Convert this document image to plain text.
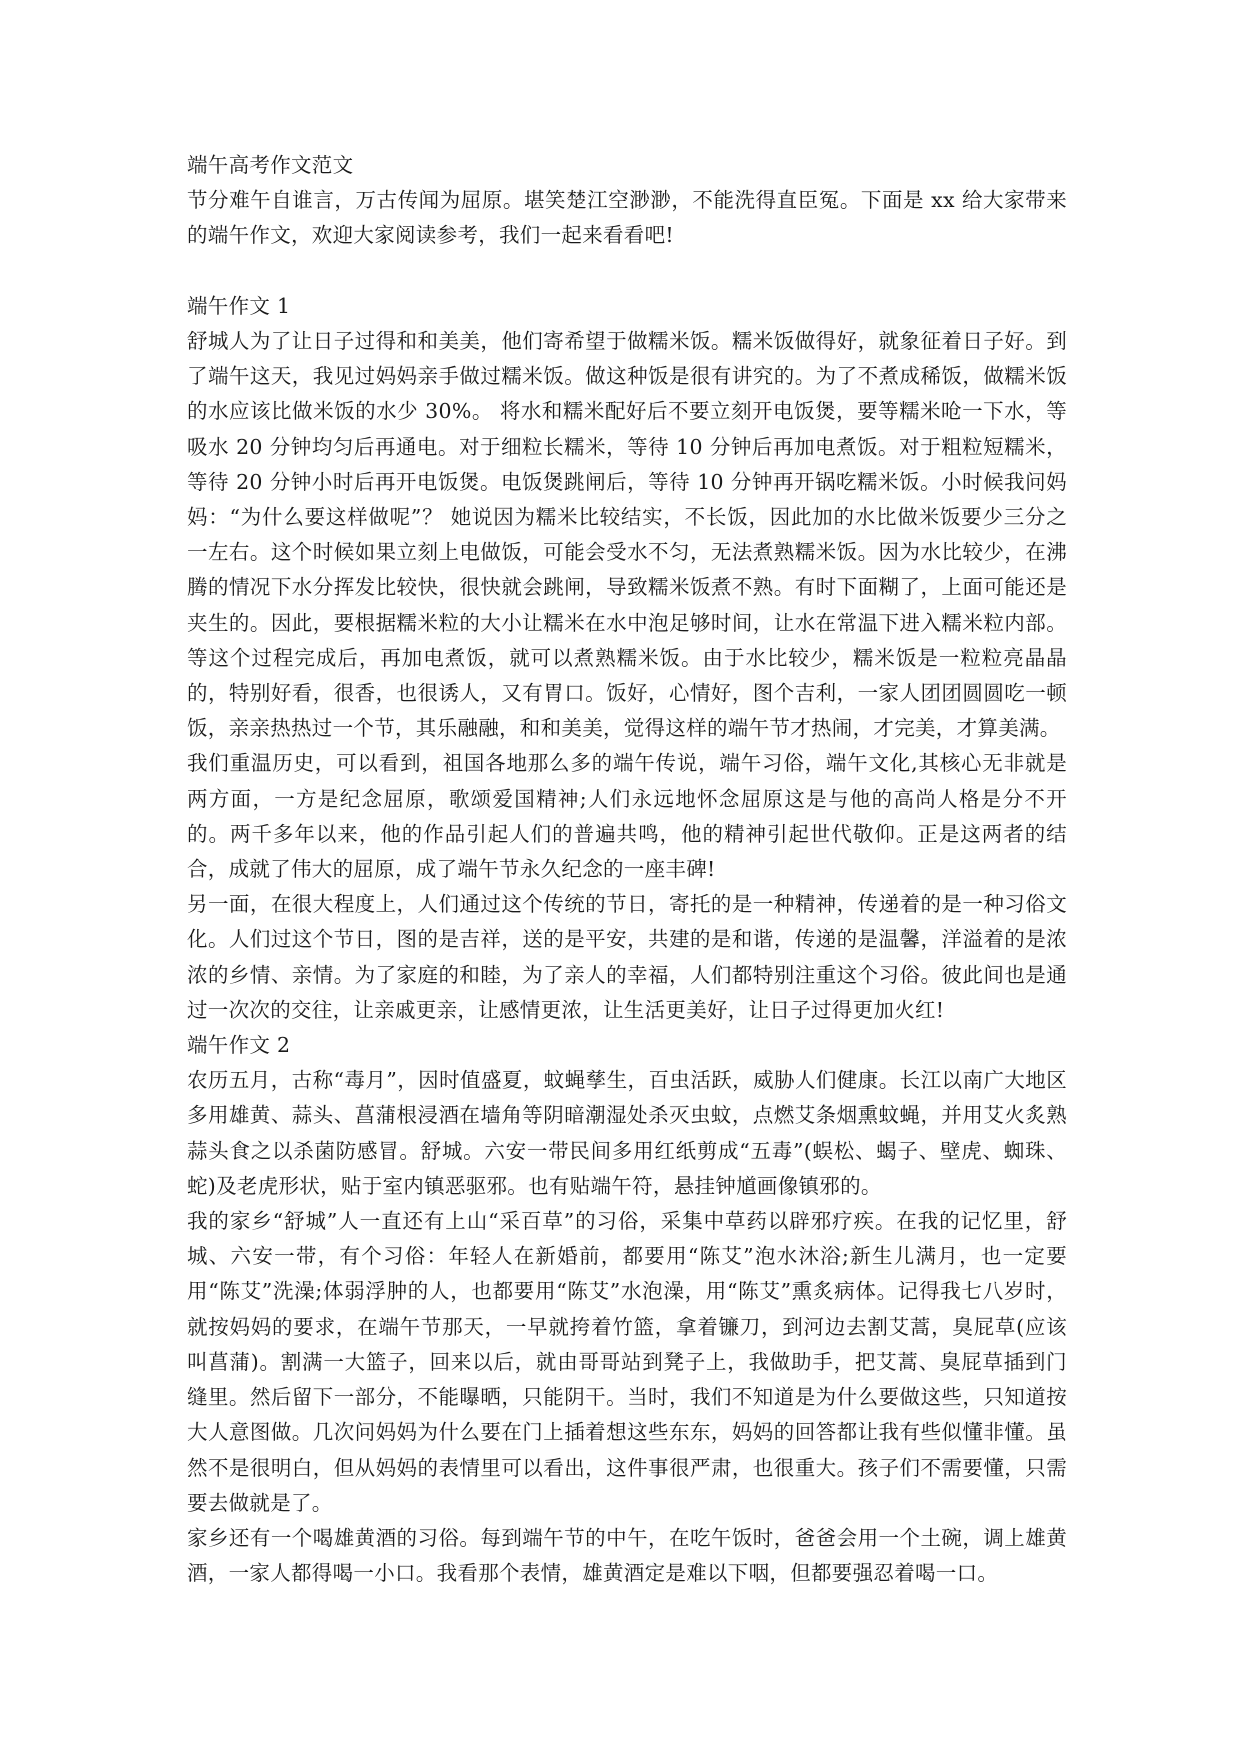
端午高考作文范文
节分难午自谁言，万古传闻为屈原。堪笑楚江空渺渺，不能洗得直臣冤。下面是 xx 给大家带来的端午作文，欢迎大家阅读参考，我们一起来看看吧!
端午作文 1
舒城人为了让日子过得和和美美，他们寄希望于做糯米饭。糯米饭做得好，就象征着日子好。到了端午这天，我见过妈妈亲手做过糯米饭。做这种饭是很有讲究的。为了不煮成稀饭，做糯米饭的水应该比做米饭的水少 30%。 将水和糯米配好后不要立刻开电饭煲，要等糯米呛一下水，等吸水 20 分钟均匀后再通电。对于细粒长糯米，等待 10 分钟后再加电煮饭。对于粗粒短糯米，等待 20 分钟小时后再开电饭煲。电饭煲跳闸后，等待 10 分钟再开锅吃糯米饭。小时候我问妈妈：“为什么要这样做呢”？ 她说因为糯米比较结实，不长饭，因此加的水比做米饭要少三分之一左右。这个时候如果立刻上电做饭，可能会受水不匀，无法煮熟糯米饭。因为水比较少，在沸腾的情况下水分挥发比较快，很快就会跳闸，导致糯米饭煮不熟。有时下面糊了，上面可能还是夹生的。因此，要根据糯米粒的大小让糯米在水中泡足够时间，让水在常温下进入糯米粒内部。等这个过程完成后，再加电煮饭，就可以煮熟糯米饭。由于水比较少，糯米饭是一粒粒亮晶晶的，特别好看，很香，也很诱人，又有胃口。饭好，心情好，图个吉利，一家人团团圆圆吃一顿饭，亲亲热热过一个节，其乐融融，和和美美，觉得这样的端午节才热闹，才完美，才算美满。
我们重温历史，可以看到，祖国各地那么多的端午传说，端午习俗，端午文化,其核心无非就是两方面，一方是纪念屈原，歌颂爱国精神;人们永远地怀念屈原这是与他的高尚人格是分不开的。两千多年以来，他的作品引起人们的普遍共鸣，他的精神引起世代敬仰。正是这两者的结合，成就了伟大的屈原，成了端午节永久纪念的一座丰碑!
另一面，在很大程度上，人们通过这个传统的节日，寄托的是一种精神，传递着的是一种习俗文化。人们过这个节日，图的是吉祥，送的是平安，共建的是和谐，传递的是温馨，洋溢着的是浓浓的乡情、亲情。为了家庭的和睦，为了亲人的幸福，人们都特别注重这个习俗。彼此间也是通过一次次的交往，让亲戚更亲，让感情更浓，让生活更美好，让日子过得更加火红!
端午作文 2
农历五月，古称“毒月”，因时值盛夏，蚊蝇孳生，百虫活跃，威胁人们健康。长江以南广大地区多用雄黄、蒜头、菖蒲根浸酒在墙角等阴暗潮湿处杀灭虫蚊，点燃艾条烟熏蚊蝇，并用艾火炙熟蒜头食之以杀菌防感冒。舒城。六安一带民间多用红纸剪成“五毒”(蜈松、蝎子、壁虎、蜘珠、蛇)及老虎形状，贴于室内镇恶驱邪。也有贴端午符，悬挂钟馗画像镇邪的。
我的家乡“舒城”人一直还有上山“采百草”的习俗，采集中草药以辟邪疗疾。在我的记忆里，舒城、六安一带，有个习俗：年轻人在新婚前，都要用“陈艾”泡水沐浴;新生儿满月，也一定要用“陈艾”洗澡;体弱浮肿的人，也都要用“陈艾”水泡澡，用“陈艾”熏炙病体。记得我七八岁时，就按妈妈的要求，在端午节那天，一早就挎着竹篮，拿着镰刀，到河边去割艾蒿，臭屁草(应该叫菖蒲)。割满一大篮子，回来以后，就由哥哥站到凳子上，我做助手，把艾蒿、臭屁草插到门缝里。然后留下一部分，不能曝晒，只能阴干。当时，我们不知道是为什么要做这些，只知道按大人意图做。几次问妈妈为什么要在门上插着想这些东东，妈妈的回答都让我有些似懂非懂。虽然不是很明白，但从妈妈的表情里可以看出，这件事很严肃，也很重大。孩子们不需要懂，只需要去做就是了。
家乡还有一个喝雄黄酒的习俗。每到端午节的中午，在吃午饭时，爸爸会用一个土碗，调上雄黄酒，一家人都得喝一小口。我看那个表情，雄黄酒定是难以下咽，但都要强忍着喝一口。
